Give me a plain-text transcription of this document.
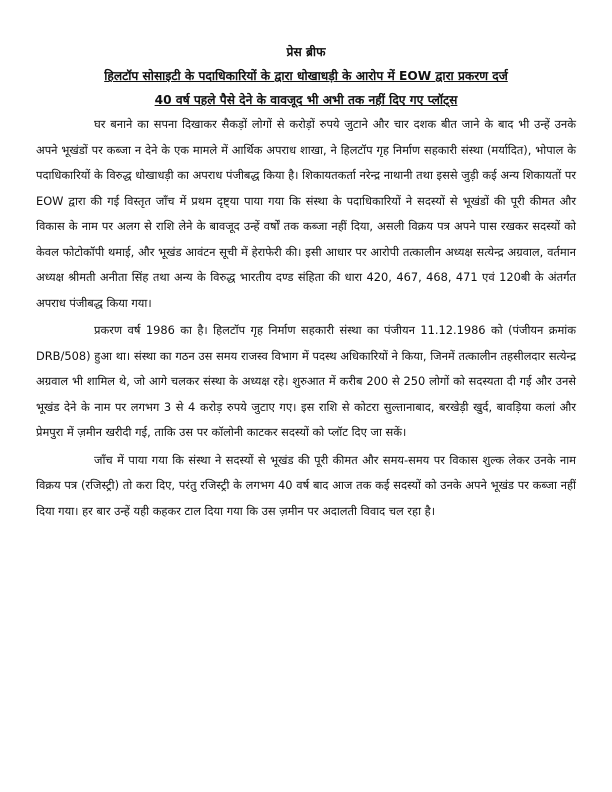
प्रेस ब्रीफ

हिलटॉप सोसाइटी के पदाधिकारियों के द्वारा धोखाधड़ी के आरोप में EOW द्वारा प्रकरण दर्ज

40 वर्ष पहले पैसे देने के वावजूद भी अभी तक नहीं दिए गए प्लॉट्स

घर बनाने का सपना दिखाकर सैकड़ों लोगों से करोड़ों रुपये जुटाने और चार दशक बीत जाने के बाद भी उन्हें उनके अपने भूखंडों पर कब्जा न देने के एक मामले में आर्थिक अपराध शाखा, ने हिलटॉप गृह निर्माण सहकारी संस्था (मर्यादित), भोपाल के पदाधिकारियों के विरुद्ध धोखाधड़ी का अपराध पंजीबद्ध किया है। शिकायतकर्ता नरेन्द्र नाथानी तथा इससे जुड़ी कई अन्य शिकायतों पर EOW द्वारा की गई विस्तृत जाँच में प्रथम दृष्ट्या पाया गया कि संस्था के पदाधिकारियों ने सदस्यों से भूखंडों की पूरी कीमत और विकास के नाम पर अलग से राशि लेने के बावजूद उन्हें वर्षों तक कब्जा नहीं दिया, असली विक्रय पत्र अपने पास रखकर सदस्यों को केवल फोटोकॉपी थमाई, और भूखंड आवंटन सूची में हेराफेरी की। इसी आधार पर आरोपी तत्कालीन अध्यक्ष सत्येन्द्र अग्रवाल, वर्तमान अध्यक्ष श्रीमती अनीता सिंह तथा अन्य के विरुद्ध भारतीय दण्ड संहिता की धारा 420, 467, 468, 471 एवं 120बी के अंतर्गत अपराध पंजीबद्ध किया गया।

प्रकरण वर्ष 1986 का है। हिलटॉप गृह निर्माण सहकारी संस्था का पंजीयन 11.12.1986 को (पंजीयन क्रमांक DRB/508) हुआ था। संस्था का गठन उस समय राजस्व विभाग में पदस्थ अधिकारियों ने किया, जिनमें तत्कालीन तहसीलदार सत्येन्द्र अग्रवाल भी शामिल थे, जो आगे चलकर संस्था के अध्यक्ष रहे। शुरुआत में करीब 200 से 250 लोगों को सदस्यता दी गई और उनसे भूखंड देने के नाम पर लगभग 3 से 4 करोड़ रुपये जुटाए गए। इस राशि से कोटरा सुल्तानाबाद, बरखेड़ी खुर्द, बावड़िया कलां और प्रेमपुरा में ज़मीन खरीदी गई, ताकि उस पर कॉलोनी काटकर सदस्यों को प्लॉट दिए जा सकें।

जाँच में पाया गया कि संस्था ने सदस्यों से भूखंड की पूरी कीमत और समय-समय पर विकास शुल्क लेकर उनके नाम विक्रय पत्र (रजिस्ट्री) तो करा दिए, परंतु रजिस्ट्री के लगभग 40 वर्ष बाद आज तक कई सदस्यों को उनके अपने भूखंड पर कब्जा नहीं दिया गया। हर बार उन्हें यही कहकर टाल दिया गया कि उस ज़मीन पर अदालती विवाद चल रहा है।
